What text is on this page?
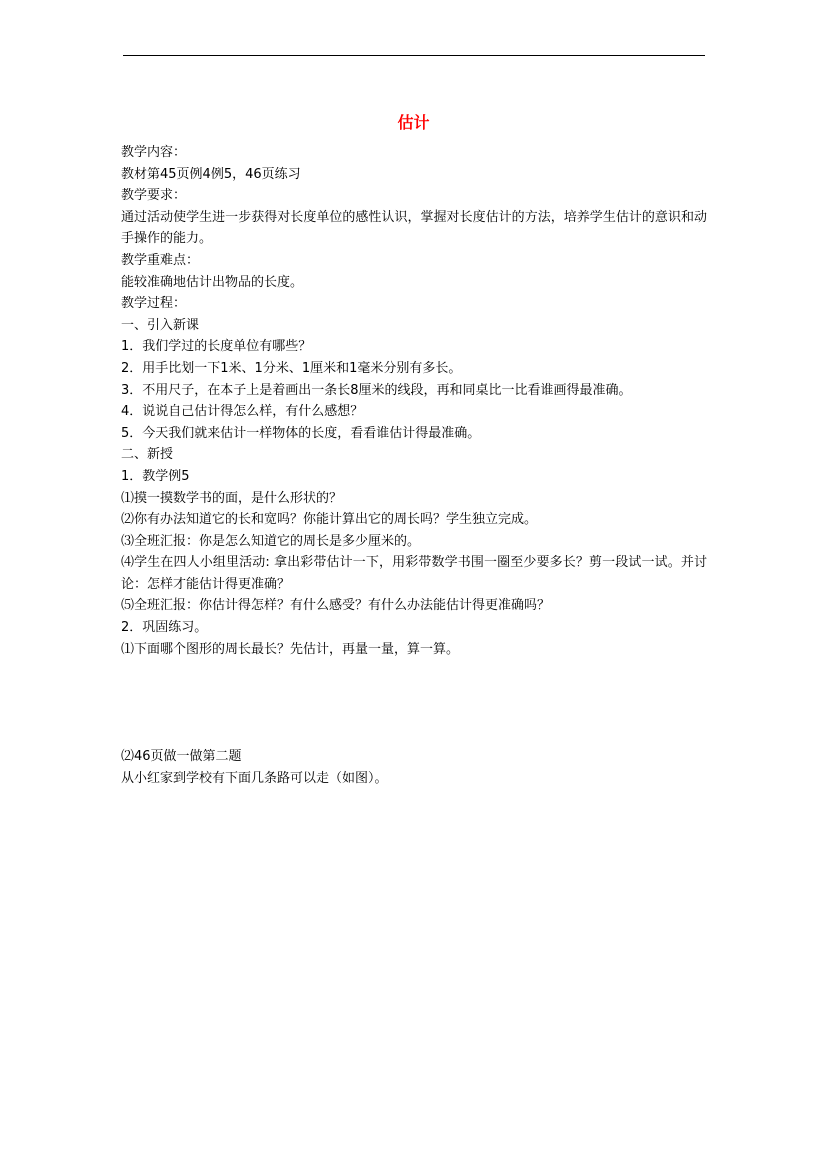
估计
教学内容：
教材第45页例4例5，46页练习
教学要求：
通过活动使学生进一步获得对长度单位的感性认识，掌握对长度估计的方法，培养学生估计的意识和动手操作的能力。
教学重难点：
能较准确地估计出物品的长度。
教学过程：
一、引入新课
1．我们学过的长度单位有哪些？
2．用手比划一下1米、1分米、1厘米和1毫米分别有多长。
3．不用尺子，在本子上是着画出一条长8厘米的线段，再和同桌比一比看谁画得最准确。
4．说说自己估计得怎么样，有什么感想？
5．今天我们就来估计一样物体的长度，看看谁估计得最准确。
二、新授
1．教学例5
⑴摸一摸数学书的面，是什么形状的？
⑵你有办法知道它的长和宽吗？你能计算出它的周长吗？学生独立完成。
⑶全班汇报：你是怎么知道它的周长是多少厘米的。
⑷学生在四人小组里活动: 拿出彩带估计一下，用彩带数学书围一圈至少要多长？剪一段试一试。并讨论：怎样才能估计得更准确？
⑸全班汇报：你估计得怎样？有什么感受？有什么办法能估计得更准确吗？
2．巩固练习。
⑴下面哪个图形的周长最长？先估计，再量一量，算一算。
⑵46页做一做第二题
从小红家到学校有下面几条路可以走（如图）。
